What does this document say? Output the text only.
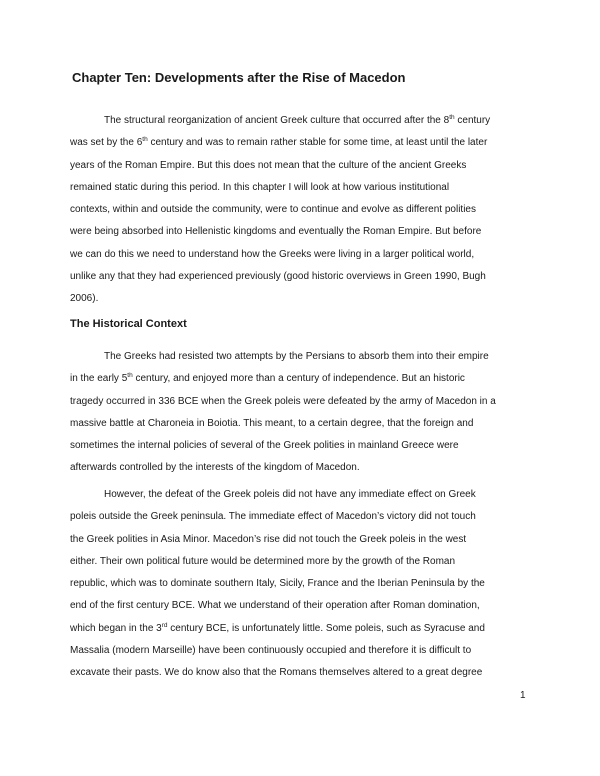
Chapter Ten: Developments after the Rise of Macedon

The structural reorganization of ancient Greek culture that occurred after the 8th century
was set by the 6th century and was to remain rather stable for some time, at least until the later
years of the Roman Empire. But this does not mean that the culture of the ancient Greeks
remained static during this period. In this chapter I will look at how various institutional
contexts, within and outside the community, were to continue and evolve as different polities
were being absorbed into Hellenistic kingdoms and eventually the Roman Empire. But before
we can do this we need to understand how the Greeks were living in a larger political world,
unlike any that they had experienced previously (good historic overviews in Green 1990, Bugh
2006).

The Historical Context

The Greeks had resisted two attempts by the Persians to absorb them into their empire
in the early 5th century, and enjoyed more than a century of independence. But an historic
tragedy occurred in 336 BCE when the Greek poleis were defeated by the army of Macedon in a
massive battle at Charoneia in Boiotia. This meant, to a certain degree, that the foreign and
sometimes the internal policies of several of the Greek polities in mainland Greece were
afterwards controlled by the interests of the kingdom of Macedon.

However, the defeat of the Greek poleis did not have any immediate effect on Greek
poleis outside the Greek peninsula. The immediate effect of Macedon’s victory did not touch
the Greek polities in Asia Minor. Macedon’s rise did not touch the Greek poleis in the west
either. Their own political future would be determined more by the growth of the Roman
republic, which was to dominate southern Italy, Sicily, France and the Iberian Peninsula by the
end of the first century BCE. What we understand of their operation after Roman domination,
which began in the 3rd century BCE, is unfortunately little. Some poleis, such as Syracuse and
Massalia (modern Marseille) have been continuously occupied and therefore it is difficult to
excavate their pasts. We do know also that the Romans themselves altered to a great degree

1
